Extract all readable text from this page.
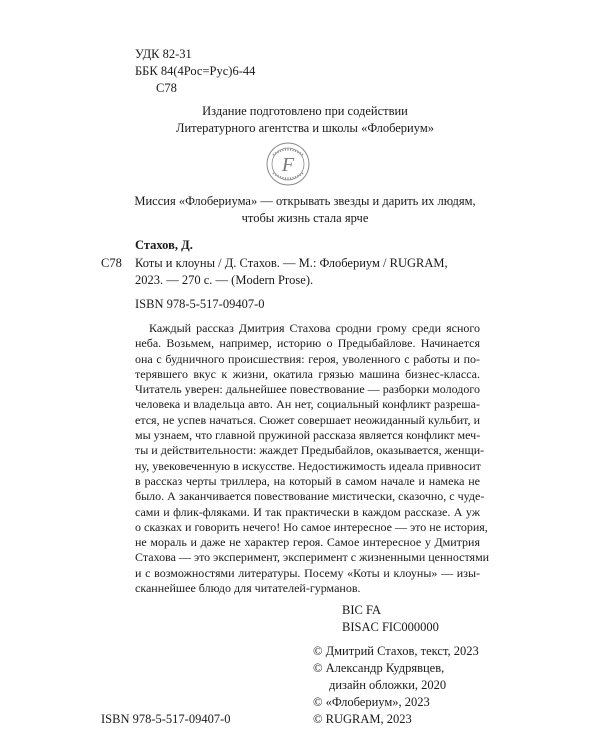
УДК 82-31
ББК 84(4Рос=Рус)6-44
С78
Издание подготовлено при содействии
Литературного агентства и школы «Флобериум»
F
Миссия «Флобериума» — открывать звезды и дарить их людям,
чтобы жизнь стала ярче
Стахов, Д.
С78 Коты и клоуны / Д. Стахов. — М.: Флобериум / RUGRAM,
2023. — 270 с. — (Modern Prose).
ISBN 978-5-517-09407-0
Каждый рассказ Дмитрия Стахова сродни грому среди ясного
неба. Возьмем, например, историю о Предыбайлове. Начинается
она с будничного происшествия: героя, уволенного с работы и по-
терявшего вкус к жизни, окатила грязью машина бизнес-класса.
Читатель уверен: дальнейшее повествование — разборки молодого
человека и владельца авто. Ан нет, социальный конфликт разреша-
ется, не успев начаться. Сюжет совершает неожиданный кульбит, и
мы узнаем, что главной пружиной рассказа является конфликт меч-
ты и действительности: жаждет Предыбайлов, оказывается, женщи-
ну, увековеченную в искусстве. Недостижимость идеала привносит
в рассказ черты триллера, на который в самом начале и намека не
было. А заканчивается повествование мистически, сказочно, с чуде-
сами и флик-фляками. И так практически в каждом рассказе. А уж
о сказках и говорить нечего! Но самое интересное — это не история,
не мораль и даже не характер героя. Самое интересное у Дмитрия
Стахова — это эксперимент, эксперимент с жизненными ценностями
и с возможностями литературы. Посему «Коты и клоуны» — изы-
сканнейшее блюдо для читателей-гурманов.
BIC FA
BISAC FIC000000
© Дмитрий Стахов, текст, 2023
© Александр Кудрявцев,
дизайн обложки, 2020
© «Флобериум», 2023
© RUGRAM, 2023
ISBN 978-5-517-09407-0
